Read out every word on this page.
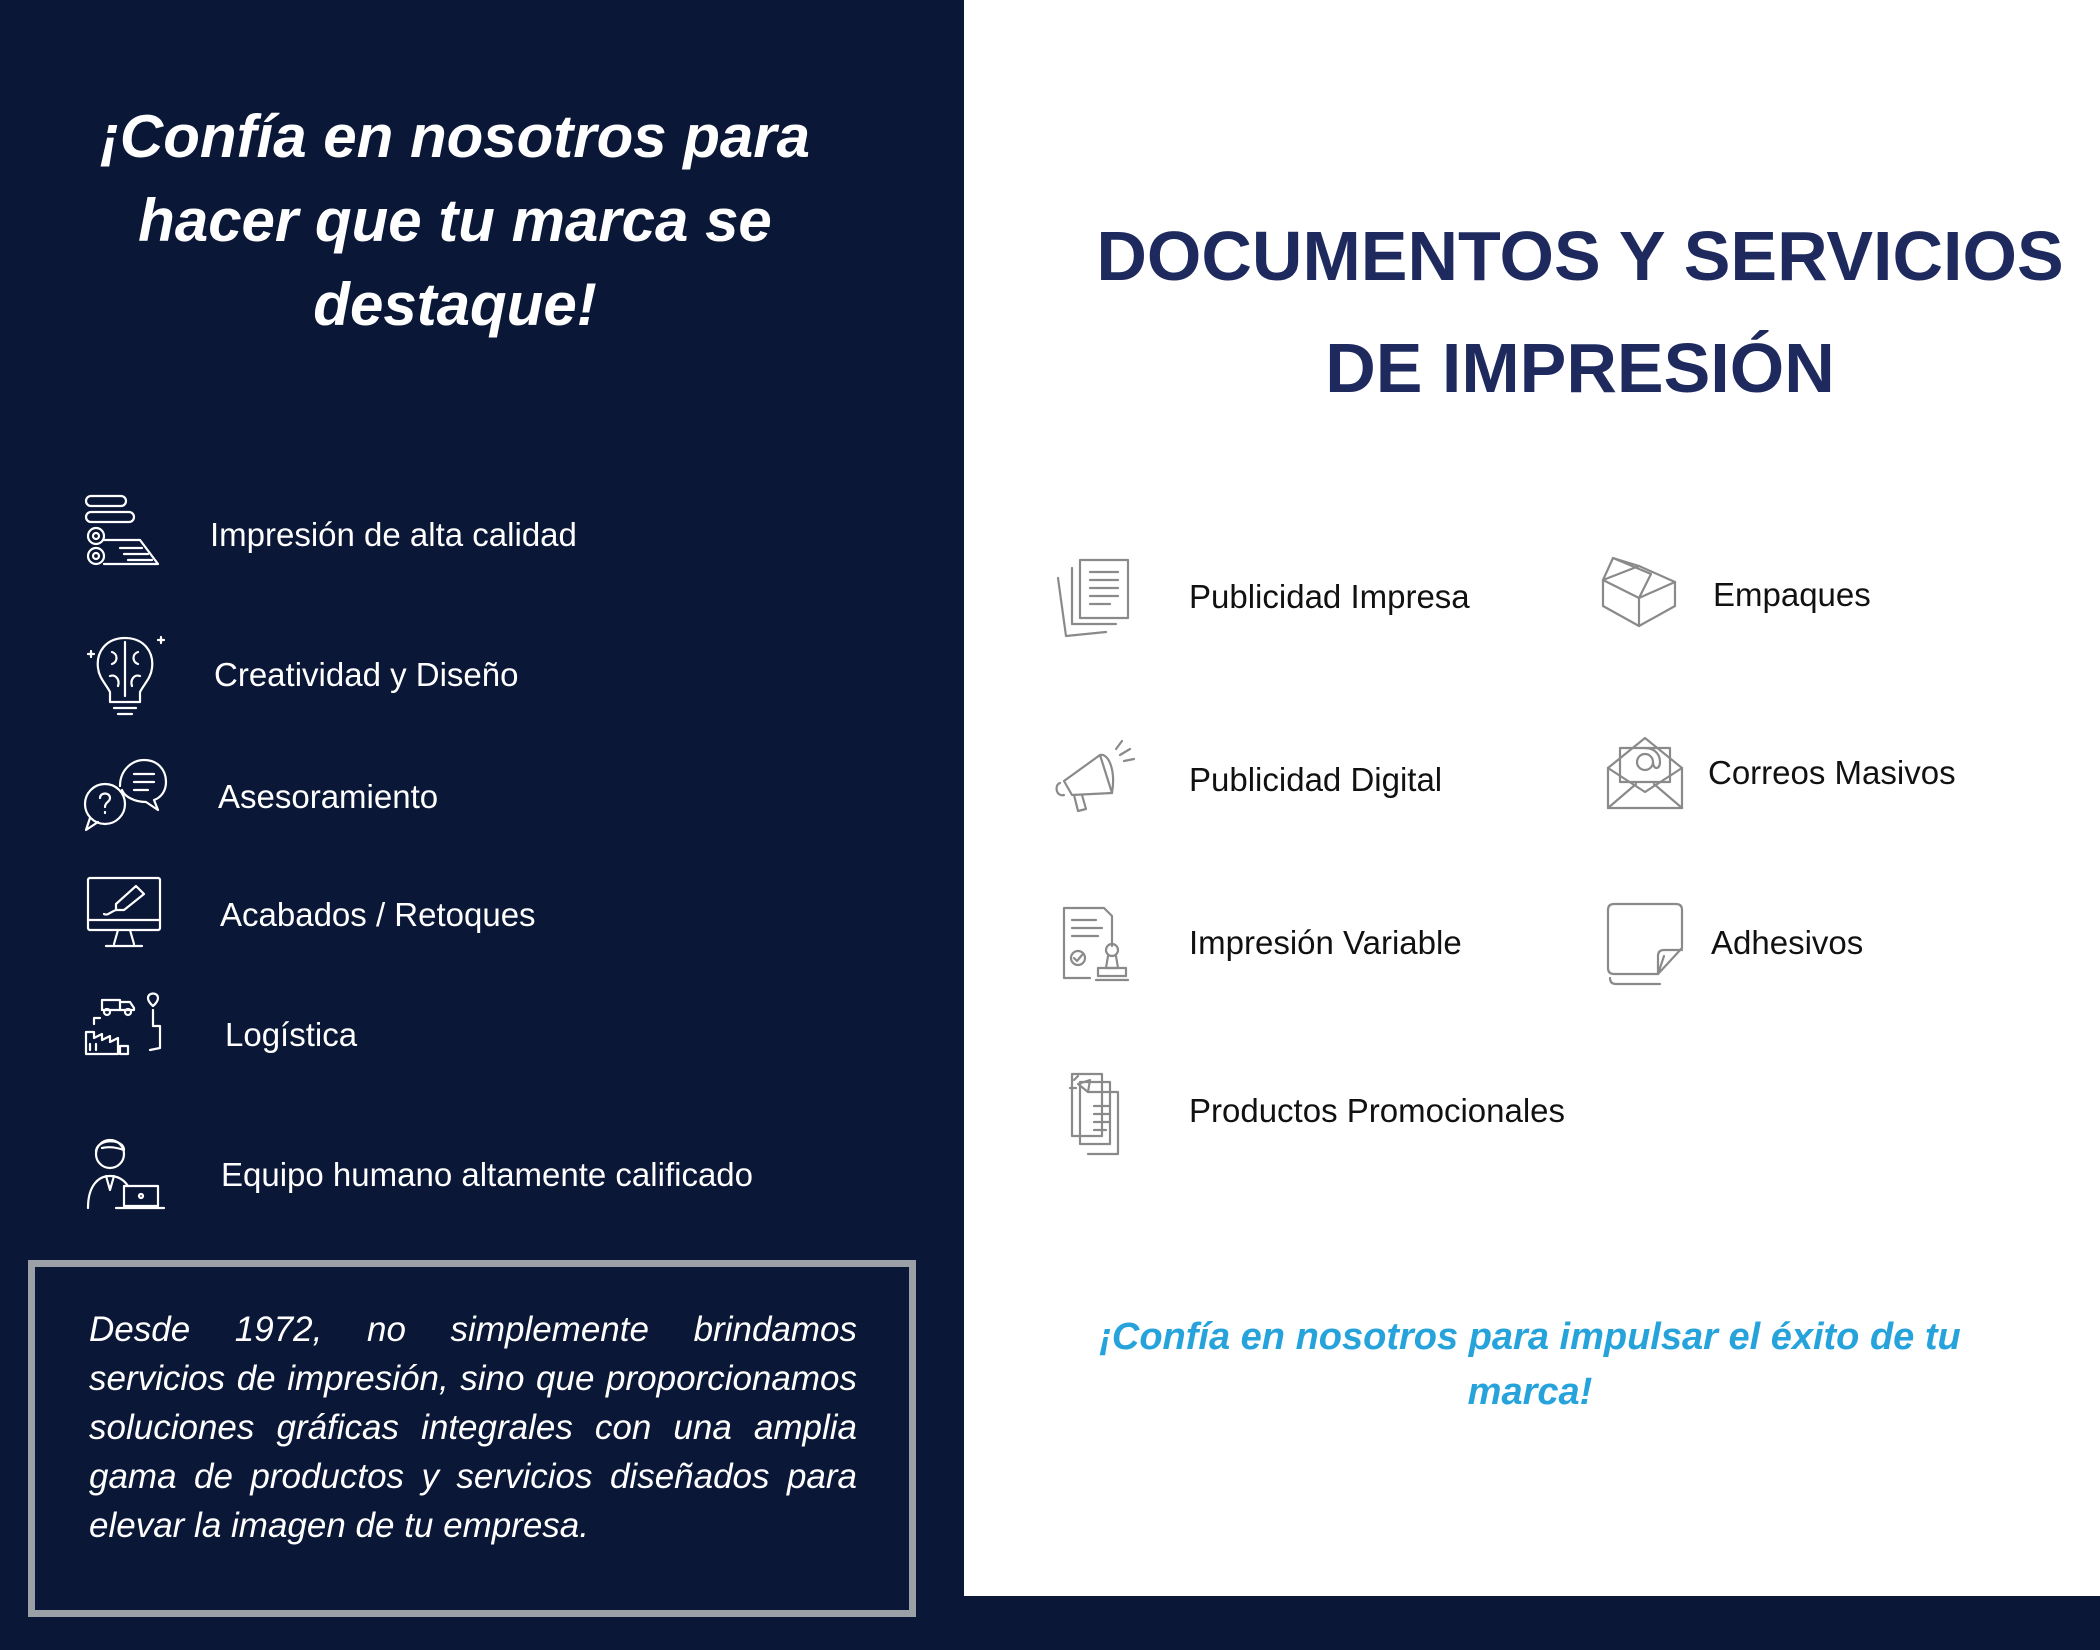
¡Confía en nosotros para hacer que tu marca se destaque!
Impresión de alta calidad
Creatividad y Diseño
Asesoramiento
Acabados / Retoques
Logística
Equipo humano altamente calificado

Desde 1972, no simplemente brindamos servicios de impresión, sino que proporcionamos soluciones gráficas integrales con una amplia gama de productos y servicios diseñados para elevar la imagen de tu empresa.

DOCUMENTOS Y SERVICIOS
DE IMPRESIÓN
Publicidad Impresa	Empaques
Publicidad Digital	Correos Masivos
Impresión Variable	Adhesivos
Productos Promocionales
¡Confía en nosotros para impulsar el éxito de tu marca!
